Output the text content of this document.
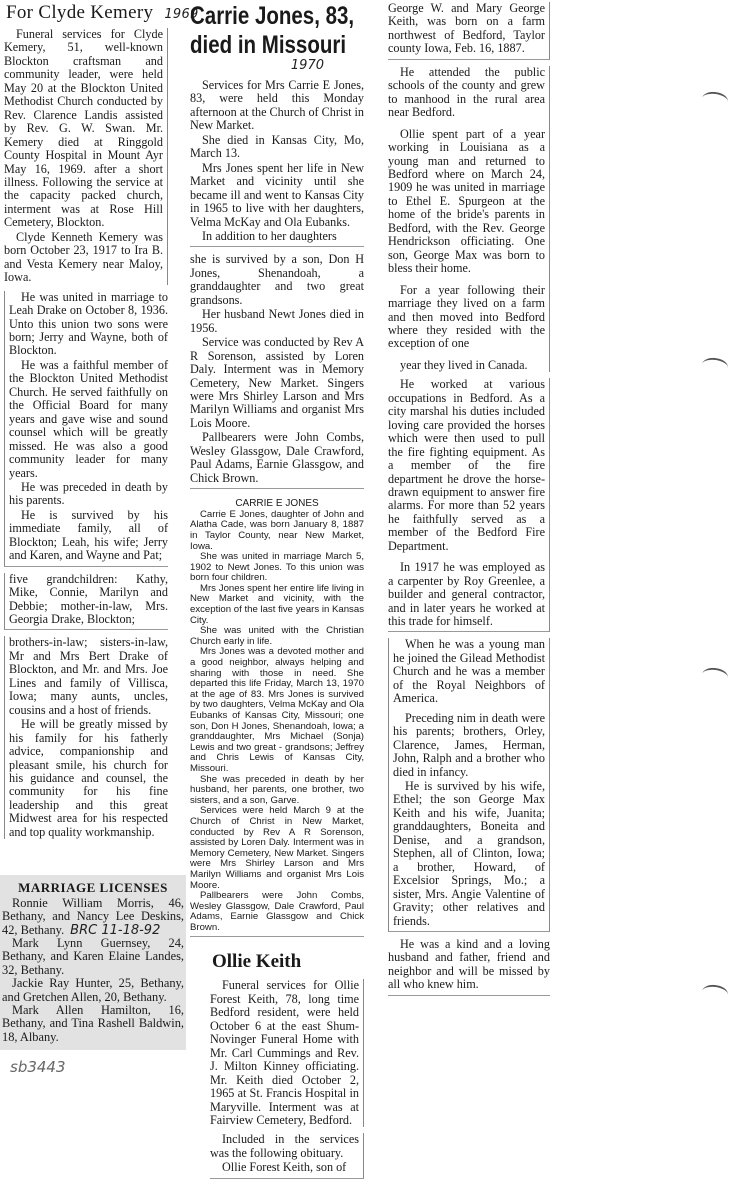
For Clyde Kemery 1969

Funeral services for Clyde Kemery, 51, well-known Blockton craftsman and community leader, were held May 20 at the Blockton United Methodist Church conducted by Rev. Clarence Landis assisted by Rev. G. W. Swan. Mr. Kemery died at Ringgold County Hospital in Mount Ayr May 16, 1969. after a short illness. Following the service at the capacity packed church, interment was at Rose Hill Cemetery, Blockton.

Clyde Kenneth Kemery was born October 23, 1917 to Ira B. and Vesta Kemery near Maloy, Iowa.

He was united in marriage to Leah Drake on October 8, 1936. Unto this union two sons were born; Jerry and Wayne, both of Blockton.

He was a faithful member of the Blockton United Methodist Church. He served faithfully on the Official Board for many years and gave wise and sound counsel which will be greatly missed. He was also a good community leader for many years.

He was preceded in death by his parents.

He is survived by his immediate family, all of Blockton; Leah, his wife; Jerry and Karen, and Wayne and Pat;

five grandchildren: Kathy, Mike, Connie, Marilyn and Debbie; mother-in-law, Mrs. Georgia Drake, Blockton;

brothers-in-law; sisters-in-law, Mr and Mrs Bert Drake of Blockton, and Mr. and Mrs. Joe Lines and family of Villisca, Iowa; many aunts, uncles, cousins and a host of friends.

He will be greatly missed by his family for his fatherly advice, companionship and pleasant smile, his church for his guidance and counsel, the community for his fine leadership and this great Midwest area for his respected and top quality workmanship.

MARRIAGE LICENSES

Ronnie William Morris, 46, Bethany, and Nancy Lee Deskins, 42, Bethany. BRC 11-18-92

Mark Lynn Guernsey, 24, Bethany, and Karen Elaine Landes, 32, Bethany.

Jackie Ray Hunter, 25, Bethany, and Gretchen Allen, 20, Bethany.

Mark Allen Hamilton, 16, Bethany, and Tina Rashell Baldwin, 18, Albany.

sb3443
Carrie Jones, 83,
died in Missouri
1970

Services for Mrs Carrie E Jones, 83, were held this Monday afternoon at the Church of Christ in New Market.

She died in Kansas City, Mo, March 13.

Mrs Jones spent her life in New Market and vicinity until she became ill and went to Kansas City in 1965 to live with her daughters, Velma McKay and Ola Eubanks.

In addition to her daughters

she is survived by a son, Don H Jones, Shenandoah, a granddaughter and two great grandsons.

Her husband Newt Jones died in 1956.

Service was conducted by Rev A R Sorenson, assisted by Loren Daly. Interment was in Memory Cemetery, New Market. Singers were Mrs Shirley Larson and Mrs Marilyn Williams and organist Mrs Lois Moore.

Pallbearers were John Combs, Wesley Glassgow, Dale Crawford, Paul Adams, Earnie Glassgow, and Chick Brown.

CARRIE E JONES

Carrie E Jones, daughter of John and Alatha Cade, was born January 8, 1887 in Taylor County, near New Market, Iowa.

She was united in marriage March 5, 1902 to Newt Jones. To this union was born four children.

Mrs Jones spent her entire life living in New Market and vicinity, with the exception of the last five years in Kansas City.

She was united with the Christian Church early in life.

Mrs Jones was a devoted mother and a good neighbor, always helping and sharing with those in need. She departed this life Friday, March 13, 1970 at the age of 83. Mrs Jones is survived by two daughters, Velma McKay and Ola Eubanks of Kansas City, Missouri; one son, Don H Jones, Shenandoah, Iowa; a granddaughter, Mrs Michael (Sonja) Lewis and two great - grandsons; Jeffrey and Chris Lewis of Kansas City, Missouri.

She was preceded in death by her husband, her parents, one brother, two sisters, and a son, Garve.

Services were held March 9 at the Church of Christ in New Market, conducted by Rev A R Sorenson, assisted by Loren Daly. Interment was in Memory Cemetery, New Market. Singers were Mrs Shirley Larson and Mrs Marilyn Williams and organist Mrs Lois Moore.

Pallbearers were John Combs, Wesley Glassgow, Dale Crawford, Paul Adams, Earnie Glassgow and Chick Brown.

Ollie Keith

Funeral services for Ollie Forest Keith, 78, long time Bedford resident, were held October 6 at the east Shum-Novinger Funeral Home with Mr. Carl Cummings and Rev. J. Milton Kinney officiating. Mr. Keith died October 2, 1965 at St. Francis Hospital in Maryville. Interment was at Fairview Cemetery, Bedford.

Included in the services was the following obituary.

Ollie Forest Keith, son of

George W. and Mary George Keith, was born on a farm northwest of Bedford, Taylor county Iowa, Feb. 16, 1887.

He attended the public schools of the county and grew to manhood in the rural area near Bedford.

Ollie spent part of a year working in Louisiana as a young man and returned to Bedford where on March 24, 1909 he was united in marriage to Ethel E. Spurgeon at the home of the bride's parents in Bedford, with the Rev. George Hendrickson officiating. One son, George Max was born to bless their home.

For a year following their marriage they lived on a farm and then moved into Bedford where they resided with the exception of one

year they lived in Canada.

He worked at various occupations in Bedford. As a city marshal his duties included loving care provided the horses which were then used to pull the fire fighting equipment. As a member of the fire department he drove the horse-drawn equipment to answer fire alarms. For more than 52 years he faithfully served as a member of the Bedford Fire Department.

In 1917 he was employed as a carpenter by Roy Greenlee, a builder and general contractor, and in later years he worked at this trade for himself.

When he was a young man he joined the Gilead Methodist Church and he was a member of the Royal Neighbors of America.

Preceding nim in death were his parents; brothers, Orley, Clarence, James, Herman, John, Ralph and a brother who died in infancy.

He is survived by his wife, Ethel; the son George Max Keith and his wife, Juanita; granddaughters, Boneita and Denise, and a grandson, Stephen, all of Clinton, Iowa; a brother, Howard, of Excelsior Springs, Mo.; a sister, Mrs. Angie Valentine of Gravity; other relatives and friends.

He was a kind and a loving husband and father, friend and neighbor and will be missed by all who knew him.
